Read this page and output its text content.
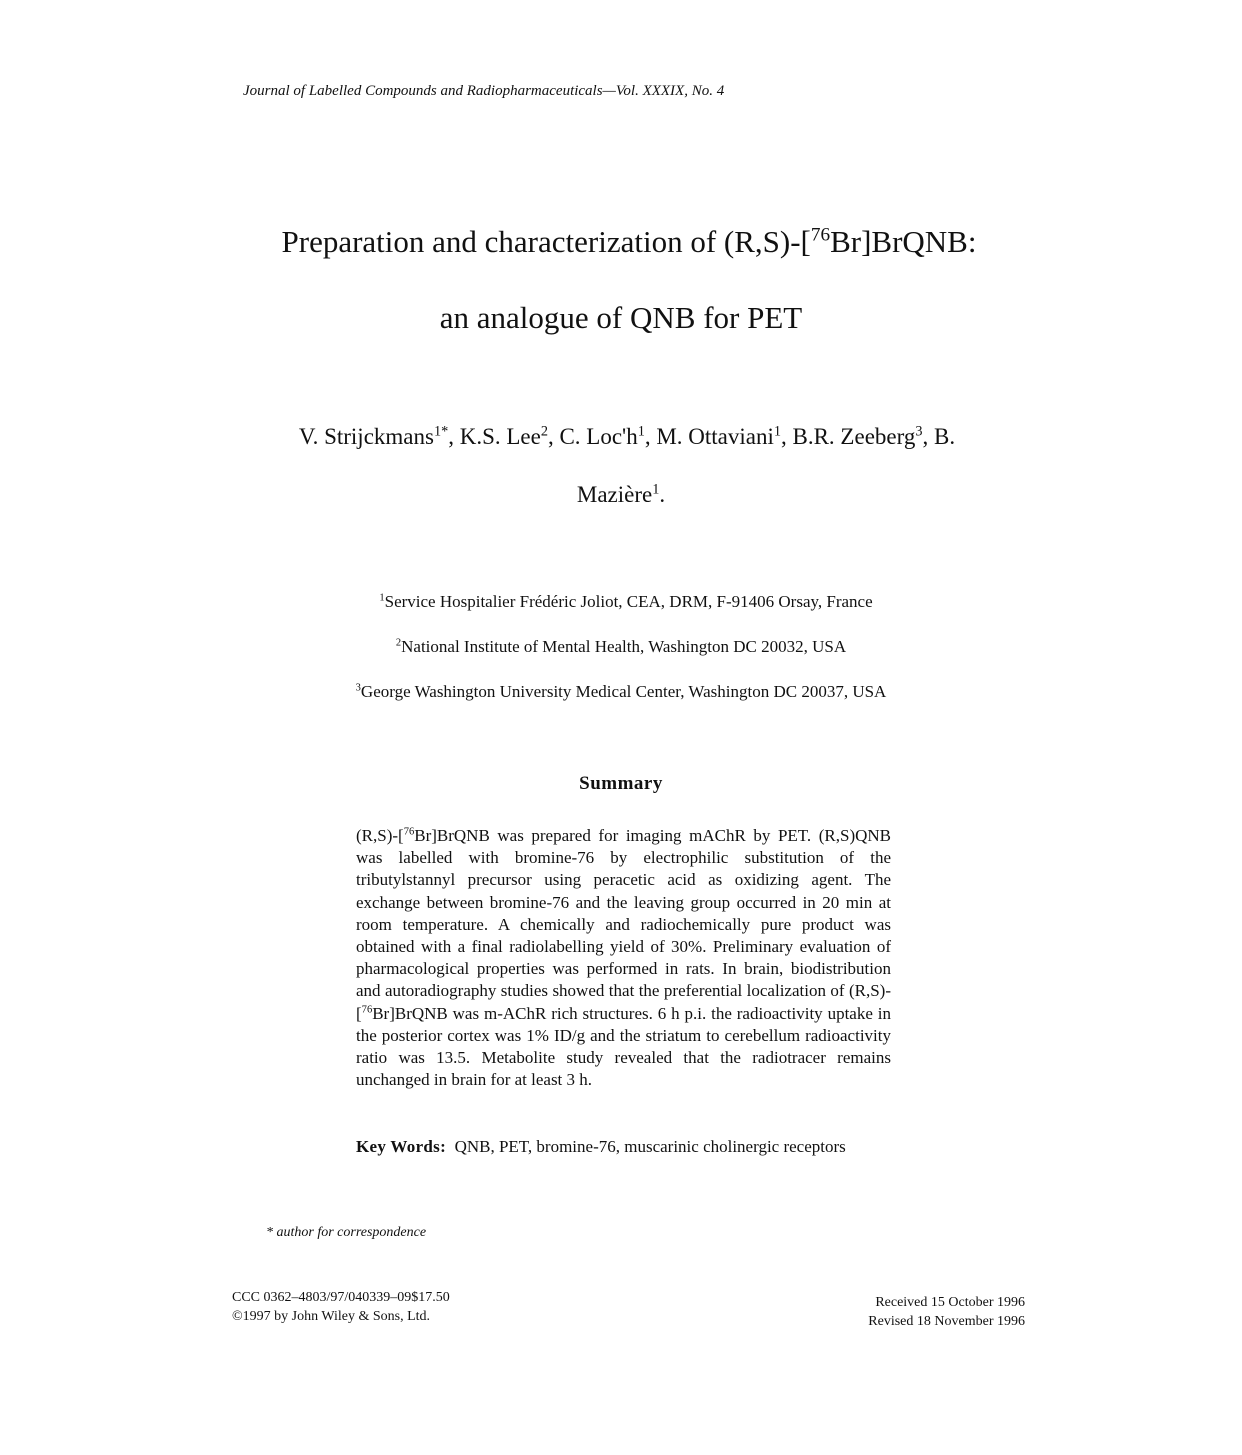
Journal of Labelled Compounds and Radiopharmaceuticals—Vol. XXXIX, No. 4
Preparation and characterization of (R,S)-[$^{76}$Br]BrQNB:
an analogue of QNB for PET
V. Strijckmans$^{1*}$, K.S. Lee$^2$, C. $Loc'h^1$, M. Ottaviani$^1$, B.R. Zeeberg$^3$, B.
Mazière$^1$.
$^1$Service Hospitalier Frédéric Joliot, CEA, DRM, F-91406 Orsay, France
$^2$National Institute of Mental Health, Washington DC 20032, USA
$^3$George Washington University Medical Center, Washington DC 20037, USA
Summary
(R,S)-[$^{76}$Br]BrQNB was prepared for imaging mAChR by PET. (R,S)QNB was labelled with bromine-76 by electrophilic substitution of the tributylstannyl precursor using peracetic acid as oxidizing agent. The exchange between bromine-76 and the leaving group occurred in 20 min at room temperature. A chemically and radiochemically pure product was obtained with a final radiolabelling yield of 30%. Preliminary evaluation of pharmacological properties was performed in rats. In brain, biodistribution and autoradiography studies showed that the preferential localization of (R,S)-[$^{76}$Br]BrQNB was m-AChR rich structures. 6 h p.i. the radioactivity uptake in the posterior cortex was 1% ID/g and the striatum to cerebellum radioactivity ratio was 13.5. Metabolite study revealed that the radiotracer remains unchanged in brain for at least 3 h.
Key Words: QNB, PET, bromine-76, muscarinic cholinergic receptors
* author for correspondence
CCC 0362–4803/97/040339–09$17.50
©1997 by John Wiley & Sons, Ltd.
Received 15 October 1996
Revised 18 November 1996
